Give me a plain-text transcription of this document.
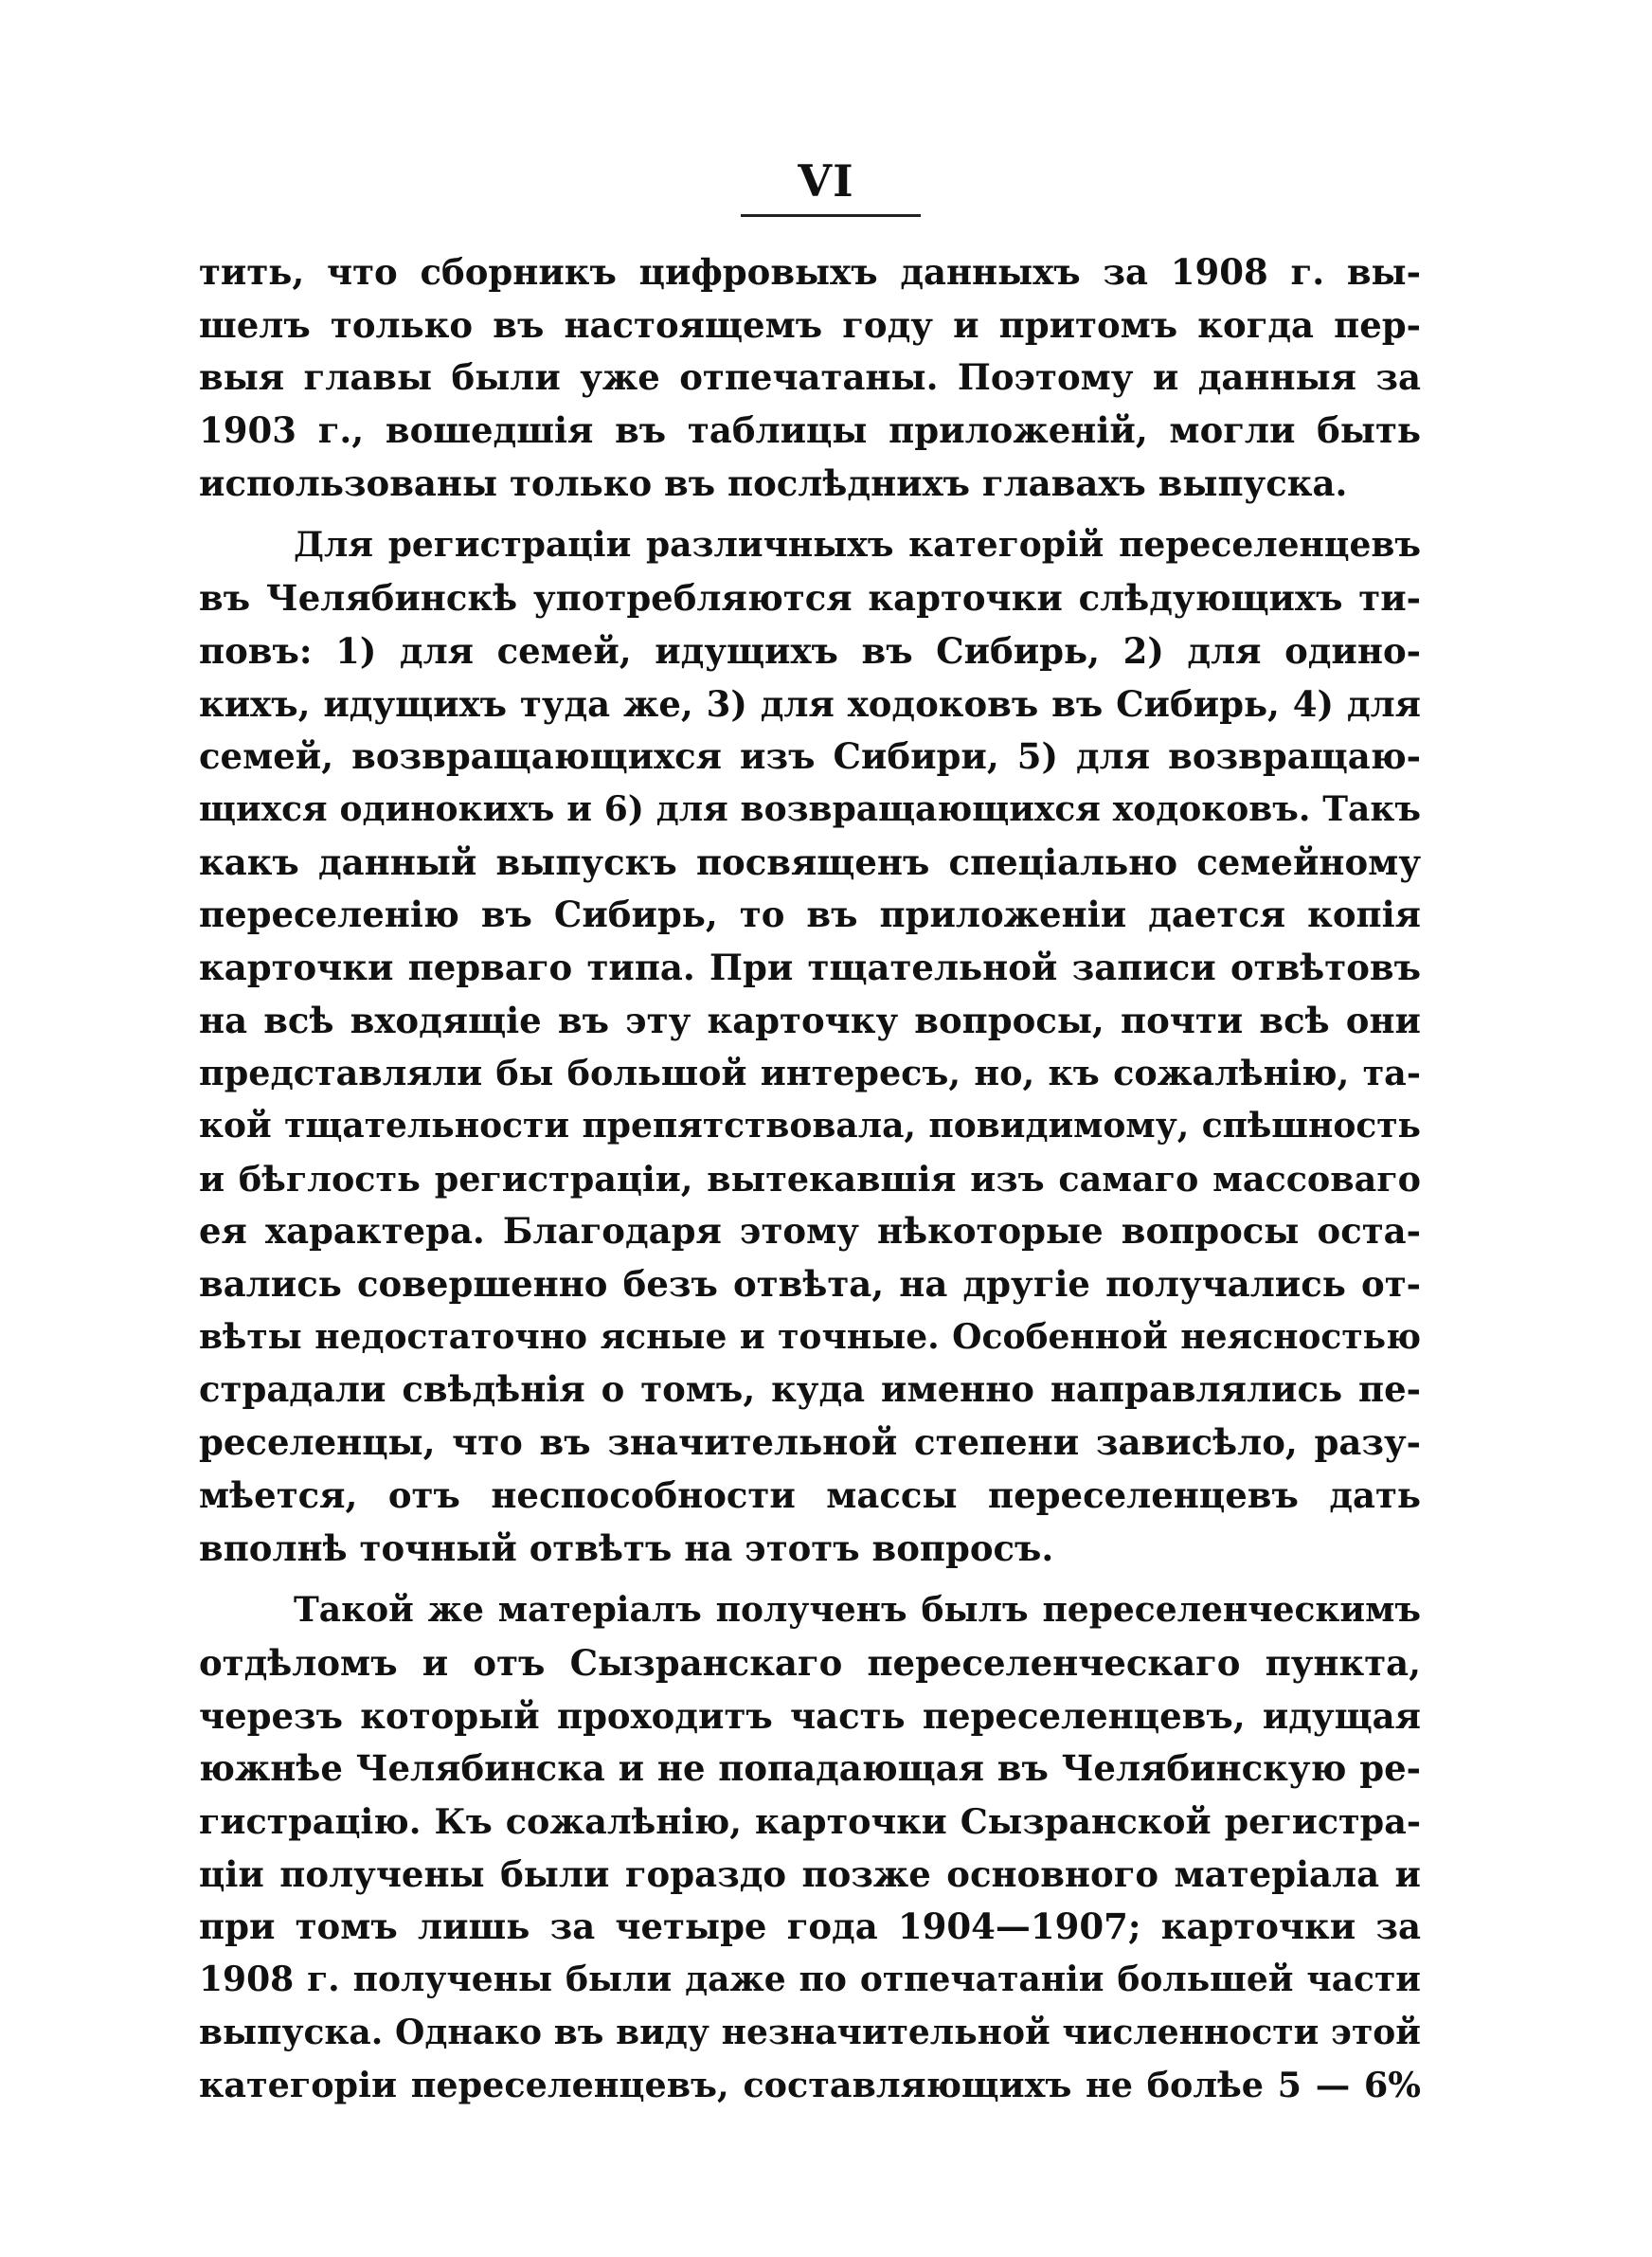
VI
тить, что сборникъ цифровыхъ данныхъ за 1908 г. вы-
шелъ только въ настоящемъ году и притомъ когда пер-
выя главы были уже отпечатаны. Поэтому и данныя за
1903 г., вошедшія въ таблицы приложеній, могли быть
использованы только въ послѣднихъ главахъ выпуска.
Для регистраціи различныхъ категорій переселенцевъ
въ Челябинскѣ употребляются карточки слѣдующихъ ти-
повъ: 1) для семей, идущихъ въ Сибирь, 2) для одино-
кихъ, идущихъ туда же, 3) для ходоковъ въ Сибирь, 4) для
семей, возвращающихся изъ Сибири, 5) для возвращаю-
щихся одинокихъ и 6) для возвращающихся ходоковъ. Такъ
какъ данный выпускъ посвященъ спеціально семейному
переселенію въ Сибирь, то въ приложеніи дается копія
карточки перваго типа. При тщательной записи отвѣтовъ
на всѣ входящіе въ эту карточку вопросы, почти всѣ они
представляли бы большой интересъ, но, къ сожалѣнію, та-
кой тщательности препятствовала, повидимому, спѣшность
и бѣглость регистраціи, вытекавшія изъ самаго массоваго
ея характера. Благодаря этому нѣкоторые вопросы оста-
вались совершенно безъ отвѣта, на другіе получались от-
вѣты недостаточно ясные и точные. Особенной неясностью
страдали свѣдѣнія о томъ, куда именно направлялись пе-
реселенцы, что въ значительной степени зависѣло, разу-
мѣется, отъ неспособности массы переселенцевъ дать
вполнѣ точный отвѣтъ на этотъ вопросъ.
Такой же матеріалъ полученъ былъ переселенческимъ
отдѣломъ и отъ Сызранскаго переселенческаго пункта,
черезъ который проходитъ часть переселенцевъ, идущая
южнѣе Челябинска и не попадающая въ Челябинскую ре-
гистрацію. Къ сожалѣнію, карточки Сызранской регистра-
ціи получены были гораздо позже основного матеріала и
при томъ лишь за четыре года 1904—1907; карточки за
1908 г. получены были даже по отпечатаніи большей части
выпуска. Однако въ виду незначительной численности этой
категоріи переселенцевъ, составляющихъ не болѣе 5 — 6%
